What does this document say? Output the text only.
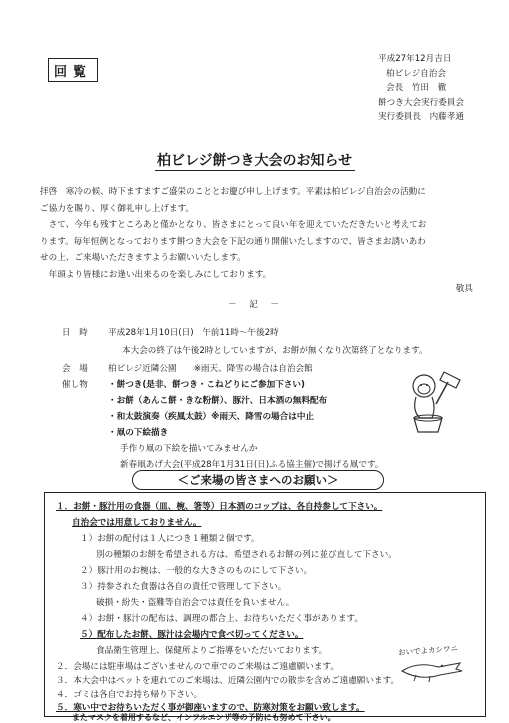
回覧
平成27年12月吉日
柏ビレジ自治会
会長　竹田　徹
餅つき大会実行委員会
実行委員長　内藤孝通
柏ビレジ餅つき大会のお知らせ
拝啓　寒冷の候、時下ますますご盛栄のこととお慶び申し上げます。平素は柏ビレジ自治会の活動に
ご協力を賜り、厚く御礼申し上げます。
　さて、今年も残すところあと僅かとなり、皆さまにとって良い年を迎えていただきたいと考えてお
ります。毎年恒例となっております餅つき大会を下記の通り開催いたしますので、皆さまお誘いあわ
せの上、ご来場いただきますようお願いいたします。
　年頭より皆様にお逢い出来るのを楽しみにしております。
敬具
－　記　－
日　時 平成28年1月10日(日)　午前11時～午後2時
本大会の終了は午後2時としていますが、お餅が無くなり次第終了となります。
会　場 柏ビレジ近隣公園　　※雨天、降雪の場合は自治会館
催し物 ・餅つき(是非、餅つき・こねどりにご参加下さい)
・お餅（あんこ餅・きな粉餅）、豚汁、日本酒の無料配布
・和太鼓演奏（疾風太鼓）※雨天、降雪の場合は中止
・凧の下絵描き
手作り凧の下絵を描いてみませんか
新春凧あげ大会(平成28年1月31日(日)ふる協主催)で揚げる凧です。
＜ご来場の皆さまへのお願い＞
１．お餅・豚汁用の食器（皿、椀、箸等）日本酒のコップは、各自持参して下さい。
自治会では用意しておりません。
１）お餅の配付は１人につき１種類２個です。
別の種類のお餅を希望される方は、希望されるお餅の列に並び直して下さい。
２）豚汁用のお椀は、一般的な大きさのものにして下さい。
３）持参された食器は各自の責任で管理して下さい。
破損・紛失・盗難等自治会では責任を負いません。
４）お餅・豚汁の配布は、調理の都合上、お待ちいただく事があります。
５）配布したお餅、豚汁は会場内で食べ切ってください。
食品衛生管理上、保健所よりご指導をいただいております。
２．会場には駐車場はございませんので車でのご来場はご遠慮願います。
３．本大会中はペットを連れてのご来場は、近隣公園内での散歩を含めご遠慮願います。
４．ゴミは各自でお持ち帰り下さい。
５．寒い中でお待ちいただく事が御座いますので、防寒対策をお願い致します。
またマスクを着用するなど、インフルエンザ等の予防にも努めて下さい。
おいでよカシワニ
